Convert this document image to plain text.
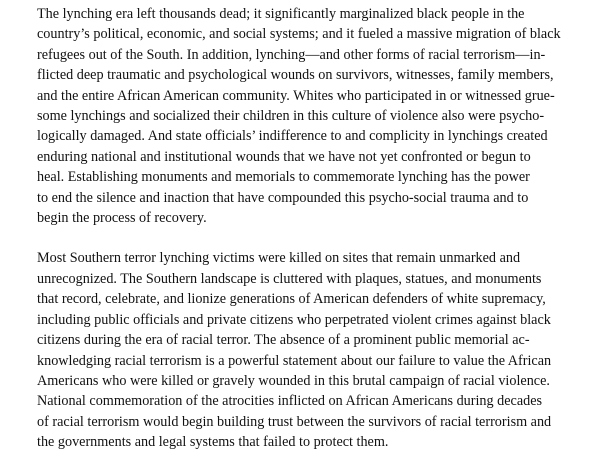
The lynching era left thousands dead; it significantly marginalized black people in the
country’s political, economic, and social systems; and it fueled a massive migration of black
refugees out of the South. In addition, lynching—and other forms of racial terrorism—in-
flicted deep traumatic and psychological wounds on survivors, witnesses, family members,
and the entire African American community. Whites who participated in or witnessed grue-
some lynchings and socialized their children in this culture of violence also were psycho-
logically damaged. And state officials’ indifference to and complicity in lynchings created
enduring national and institutional wounds that we have not yet confronted or begun to
heal. Establishing monuments and memorials to commemorate lynching has the power
to end the silence and inaction that have compounded this psycho-social trauma and to
begin the process of recovery.

Most Southern terror lynching victims were killed on sites that remain unmarked and
unrecognized. The Southern landscape is cluttered with plaques, statues, and monuments
that record, celebrate, and lionize generations of American defenders of white supremacy,
including public officials and private citizens who perpetrated violent crimes against black
citizens during the era of racial terror. The absence of a prominent public memorial ac-
knowledging racial terrorism is a powerful statement about our failure to value the African
Americans who were killed or gravely wounded in this brutal campaign of racial violence.
National commemoration of the atrocities inflicted on African Americans during decades
of racial terrorism would begin building trust between the survivors of racial terrorism and
the governments and legal systems that failed to protect them.
